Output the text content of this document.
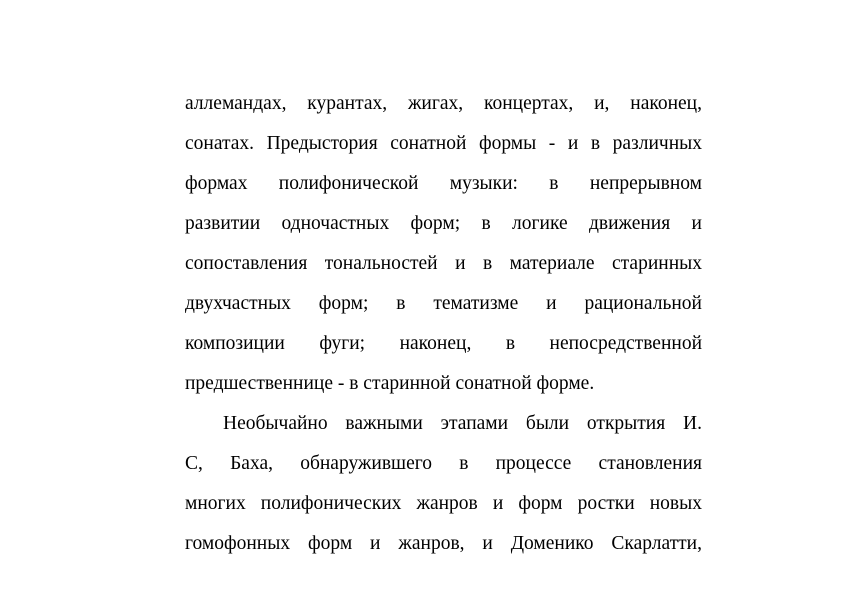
аллемандах, курантах, жигах, концертах, и, наконец,
сонатах. Предыстория сонатной формы - и в различных
формах полифонической музыки: в непрерывном
развитии одночастных форм; в логике движения и
сопоставления тональностей и в материале старинных
двухчастных форм; в тематизме и рациональной
композиции фуги; наконец, в непосредственной
предшественнице - в старинной сонатной форме.
Необычайно важными этапами были открытия И.
С, Баха, обнаружившего в процессе становления
многих полифонических жанров и форм ростки новых
гомофонных форм и жанров, и Доменико Скарлатти,
